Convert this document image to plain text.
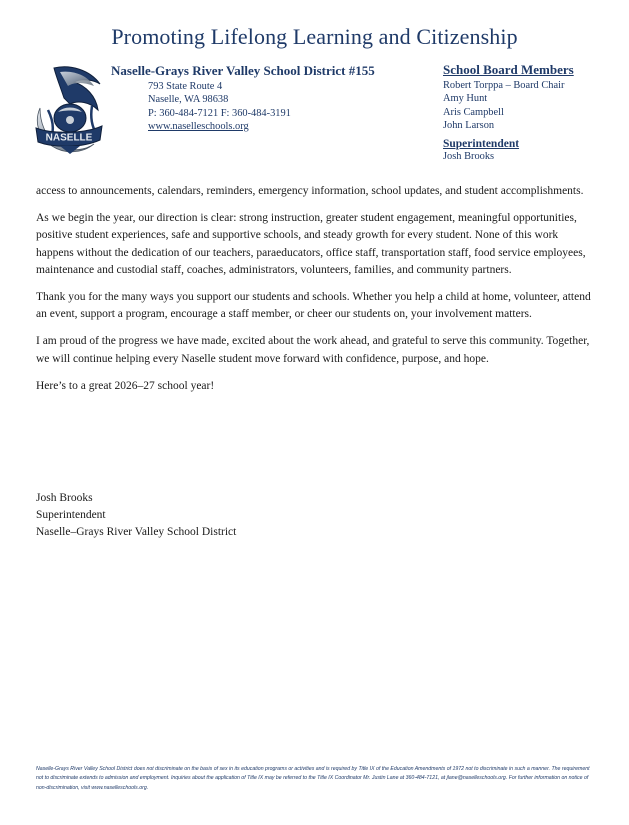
Promoting Lifelong Learning and Citizenship
NASELLE
Naselle-Grays River Valley School District #155
793 State Route 4
Naselle, WA 98638
P: 360-484-7121 F: 360-484-3191
www.naselleschools.org
School Board Members
Robert Torppa – Board Chair
Amy Hunt
Aris Campbell
John Larson
Superintendent
Josh Brooks

access to announcements, calendars, reminders, emergency information, school updates, and student accomplishments.

As we begin the year, our direction is clear: strong instruction, greater student engagement, meaningful opportunities, positive student experiences, safe and supportive schools, and steady growth for every student. None of this work happens without the dedication of our teachers, paraeducators, office staff, transportation staff, food service employees, maintenance and custodial staff, coaches, administrators, volunteers, families, and community partners.

Thank you for the many ways you support our students and schools. Whether you help a child at home, volunteer, attend an event, support a program, encourage a staff member, or cheer our students on, your involvement matters.

I am proud of the progress we have made, excited about the work ahead, and grateful to serve this community. Together, we will continue helping every Naselle student move forward with confidence, purpose, and hope.

Here’s to a great 2026–27 school year!

Josh Brooks
Superintendent
Naselle–Grays River Valley School District
Naselle-Grays River Valley School District does not discriminate on the basis of sex in its education programs or activities and is required by Title IX of the Education Amendments of 1972 not to discriminate in such a manner. The requirement not to discriminate extends to admission and employment. Inquiries about the application of Title IX may be referred to the Title IX Coordinator Mr. Justin Lane at 360-484-7121, at jlane@naselleschools.org. For further information on notice of non-discrimination, visit www.naselleschools.org.
